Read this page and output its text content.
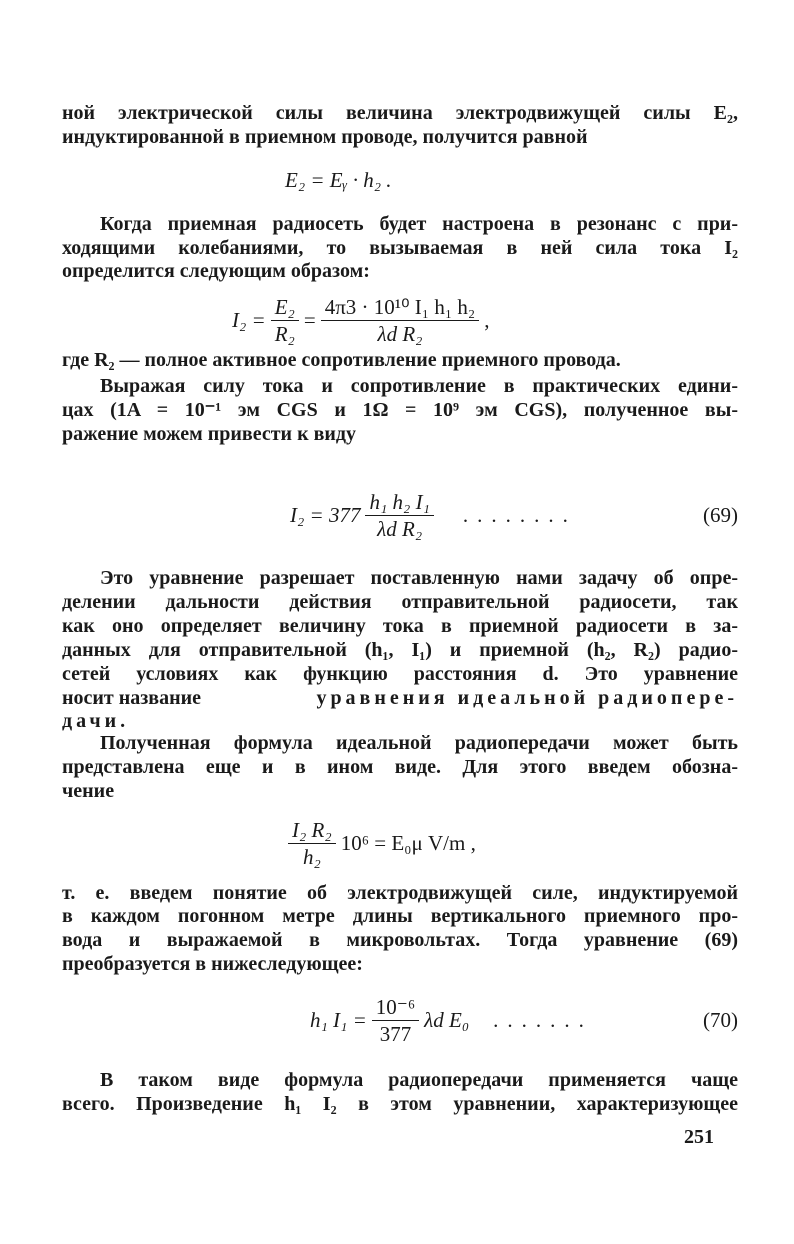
ной электрической силы величина электродвижущей силы E₂,
индуктированной в приемном проводе, получится равной
E₂ = Eᵧ · h₂ .
Когда приемная радиосеть будет настроена в резонанс с при-
ходящими колебаниями, то вызываемая в ней сила тока I₂
определится следующим образом:
$I_2 = \frac{\text{E₂}}{\text{R₂}} = \frac{\text{4π3 · 10¹⁰ I₁ h₁ h₂}}{\text{λd R₂}}$ ,
где R₂ — полное активное сопротивление приемного провода.
Выражая силу тока и сопротивление в практических едини-
цах (1A = 10⁻¹ эм CGS и 1Ω = 10⁹ эм CGS), полученное вы-
ражение можем привести к виду
$I_2 = 377 \frac{\text{h₁ h₂ I₁}}{\text{λd R₂}}$ ........	(69)
Это уравнение разрешает поставленную нами задачу об опре-
делении дальности действия отправительной радиосети, так
как оно определяет величину тока в приемной радиосети в за-
данных для отправительной (h₁, I₁) и приемной (h₂, R₂) радио-
сетей условиях как функцию расстояния d. Это уравнение
носит название	уравнения идеальной радиопере-
дачи.
Полученная формула идеальной радиопередачи может быть
представлена еще и в ином виде. Для этого введем обозна-
чение
$\frac{\text{I₂ R₂}}{\text{h₂}} 10^6 = E_0\mu$ V/m ,
т. е. введем понятие об электродвижущей силе, индуктируемой
в каждом погонном метре длины вертикального приемного про-
вода и выражаемой в микровольтах. Тогда уравнение (69)
преобразуется в нижеследующее:
h₁ $I_1 = \frac{\text{10⁻⁶}}{377}$ λd E₀ .......	(70)
В таком виде формула радиопередачи применяется чаще
всего. Произведение h₁ I₂ в этом уравнении, характеризующее
251
